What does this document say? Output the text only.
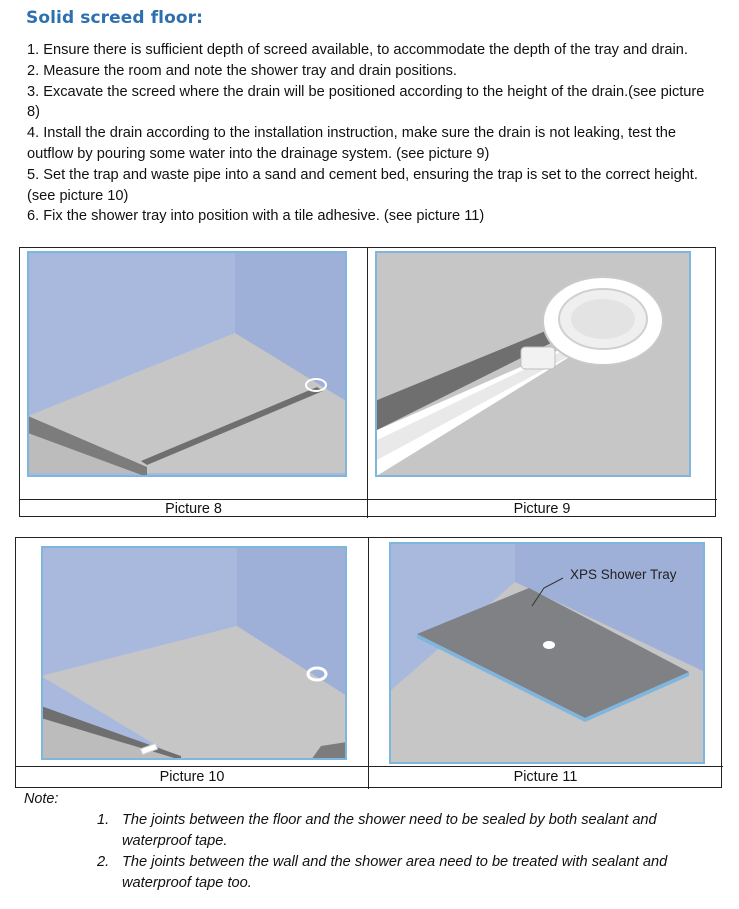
Solid screed floor:

1. Ensure there is sufficient depth of screed available, to accommodate the depth of the tray and drain.

2. Measure the room and note the shower tray and drain positions.

3. Excavate the screed where the drain will be positioned according to the height of the drain.(see picture 8)

4. Install the drain according to the installation instruction, make sure the drain is not leaking, test the outflow by pouring some water into the drainage system. (see picture 9)

5. Set the trap and waste pipe into a sand and cement bed, ensuring the trap is set to the correct height. (see picture 10)

6. Fix the shower tray into position with a tile adhesive. (see picture 11)

Picture 8	Picture 9
XPS Shower Tray
Picture 10	Picture 11
Note:

1. The joints between the floor and the shower need to be sealed by both sealant and waterproof tape.

2. The joints between the wall and the shower area need to be treated with sealant and waterproof tape too.
